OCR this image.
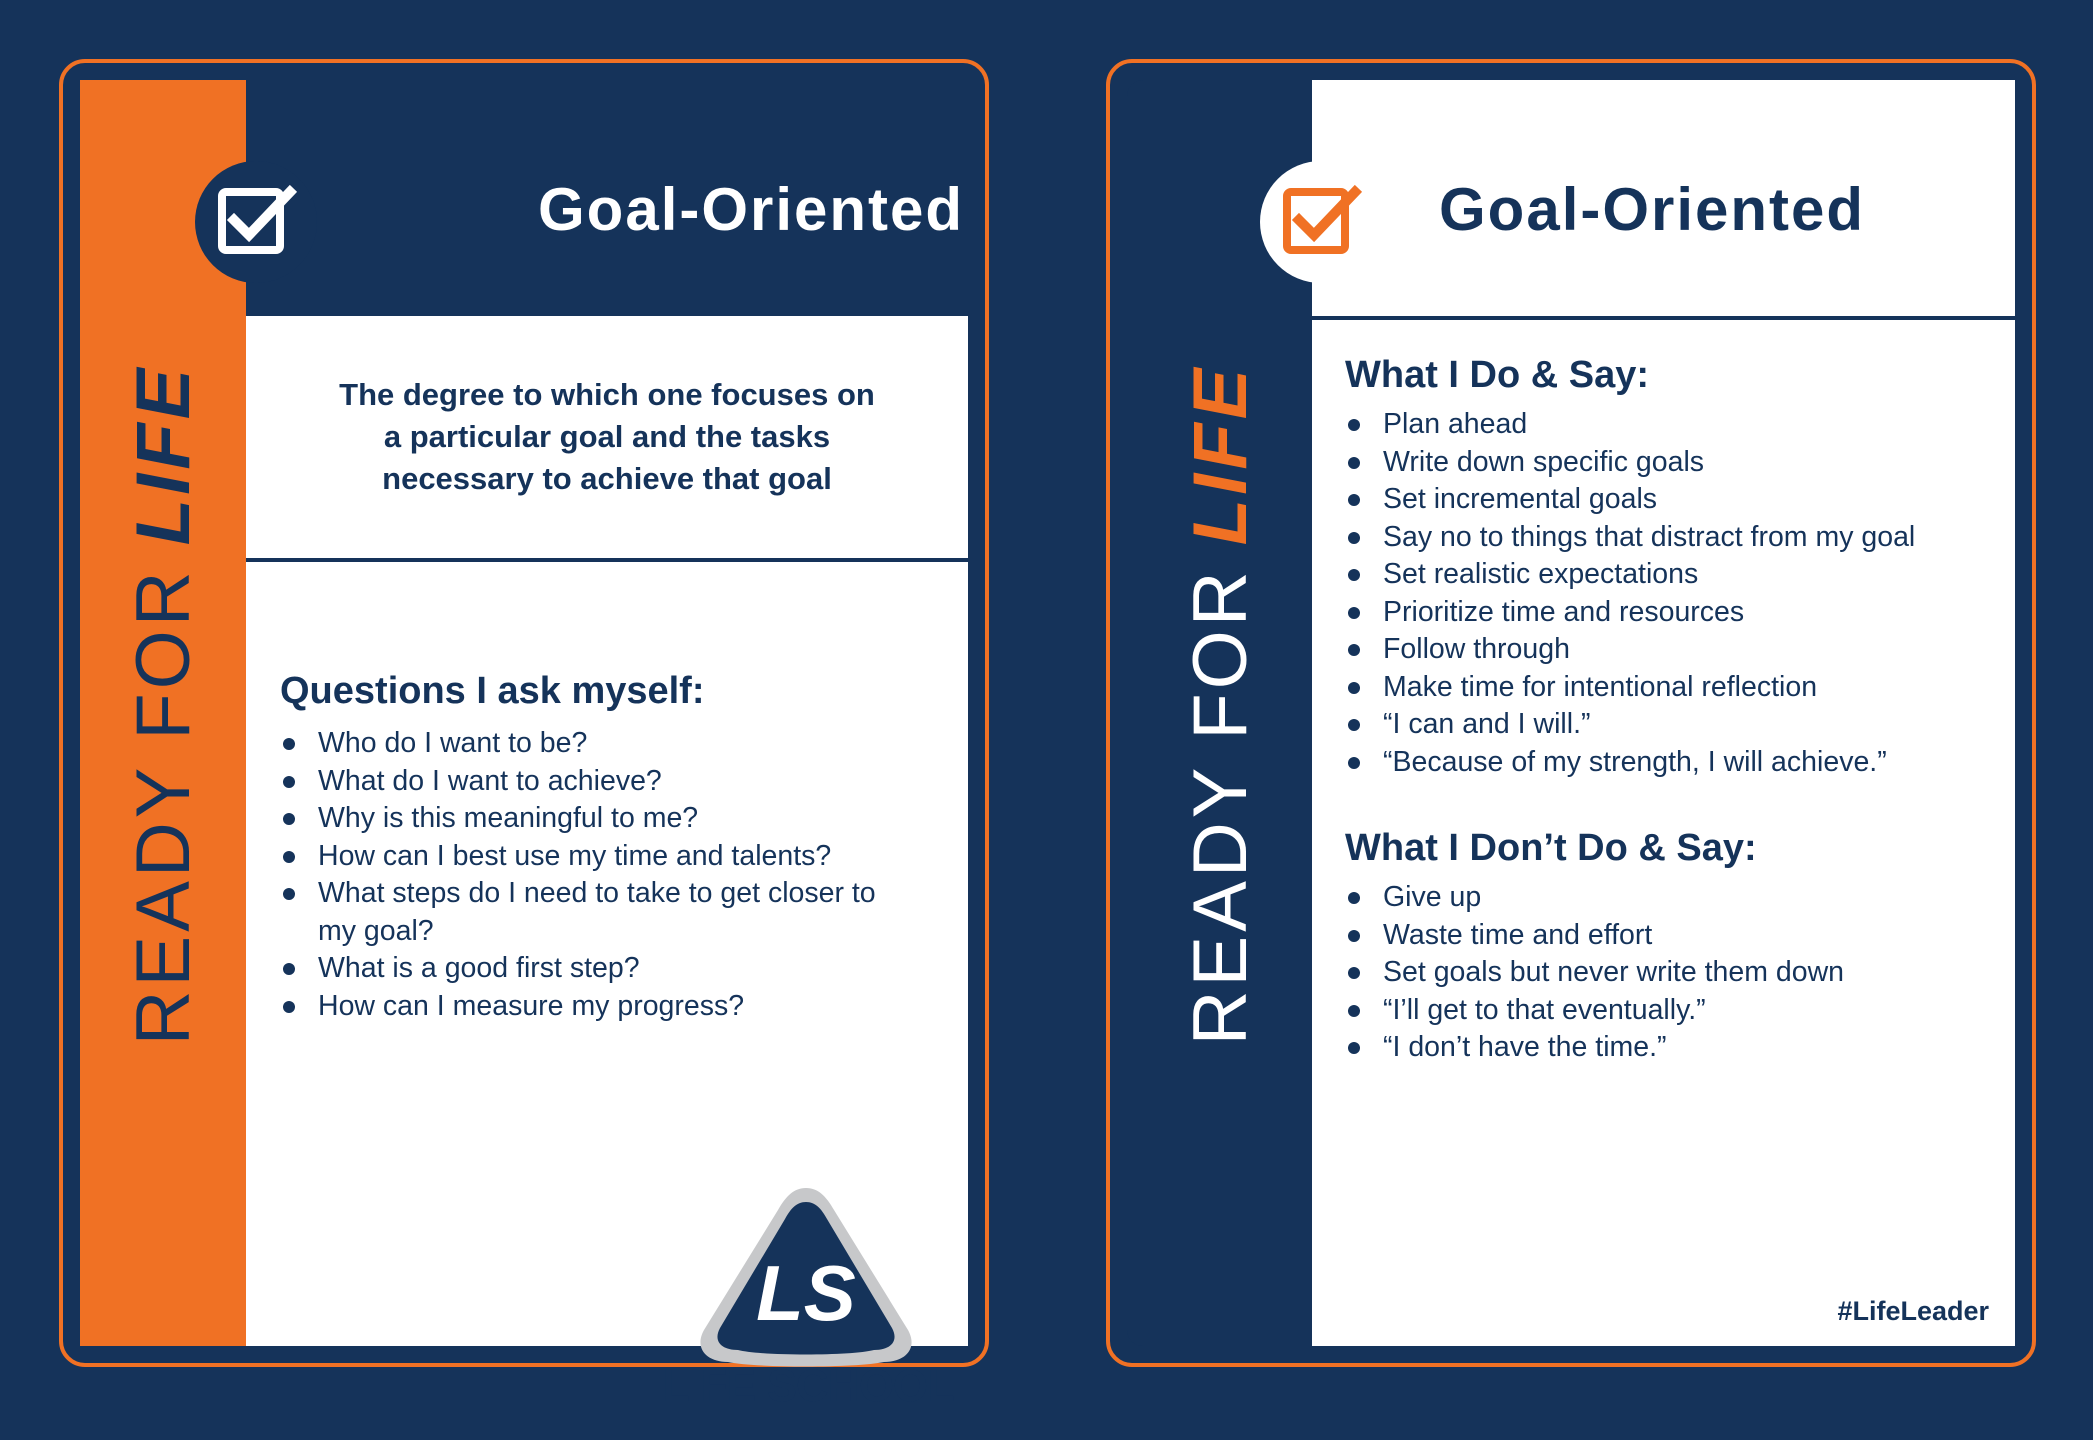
READY FOR
LIFE
Goal-Oriented
The degree to which one focuses on a particular goal and the tasks necessary to achieve that goal
Questions I ask myself:
Who do I want to be?
What do I want to achieve?
Why is this meaningful to me?
How can I best use my time and talents?
What steps do I need to take to get closer to my goal?
What is a good first step?
How can I measure my progress?
LS
LIFE SCHOOL
READY FOR
LIFE
Goal-Oriented
What I Do & Say:
Plan ahead
Write down specific goals
Set incremental goals
Say no to things that distract from my goal
Set realistic expectations
Prioritize time and resources
Follow through
Make time for intentional reflection
“I can and I will.”
“Because of my strength, I will achieve.”
What I Don’t Do & Say:
Give up
Waste time and effort
Set goals but never write them down
“I’ll get to that eventually.”
“I don’t have the time.”
#LifeLeader
